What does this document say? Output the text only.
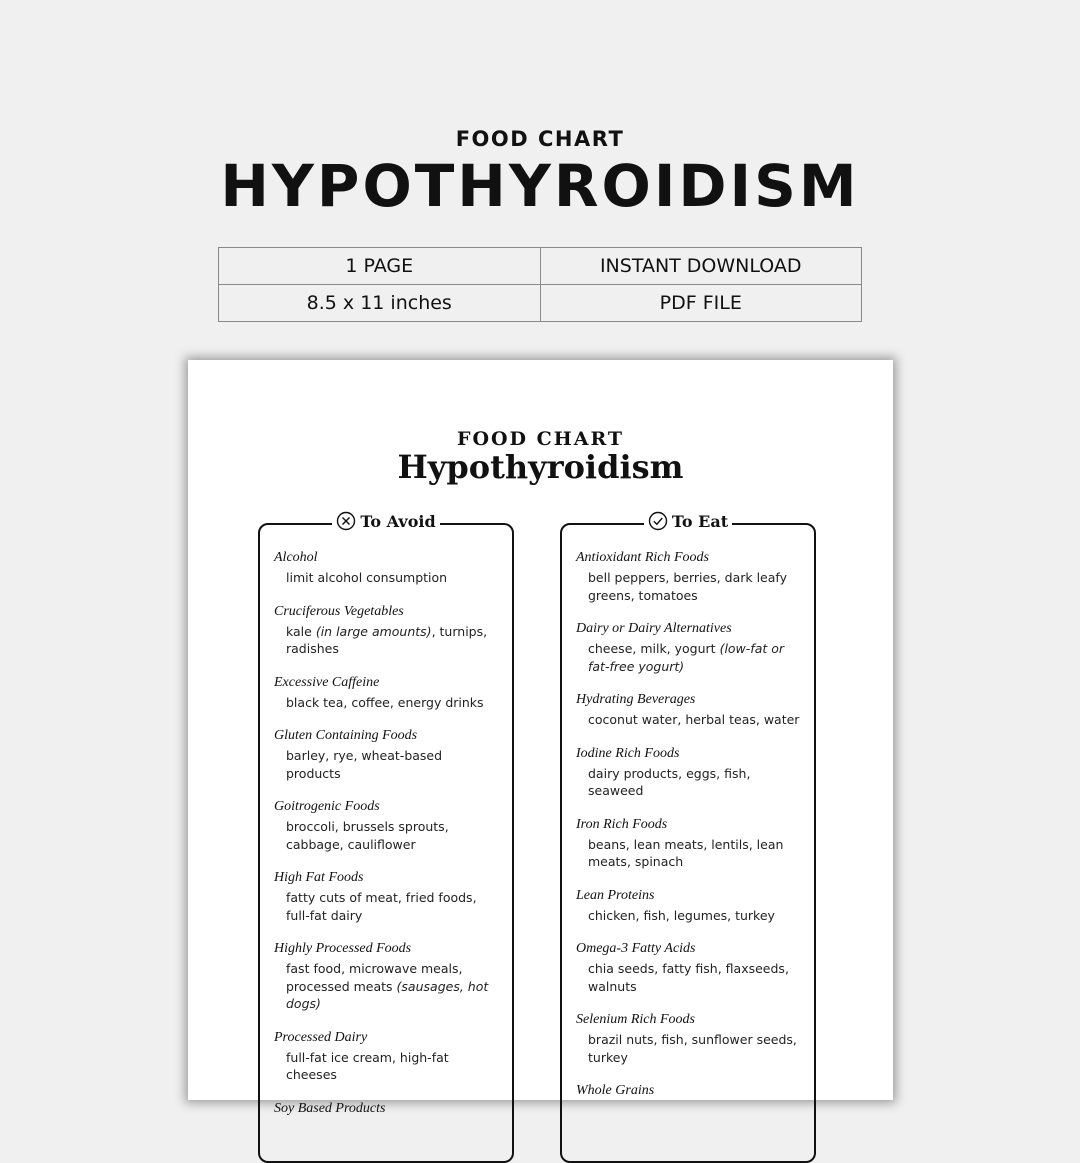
FOOD CHART
HYPOTHYROIDISM
1 PAGE	INSTANT DOWNLOAD
8.5 x 11 inches	PDF FILE
FOOD CHART
Hypothyroidism
To Avoid
Alcohol
limit alcohol consumption
Cruciferous Vegetables
kale (in large amounts), turnips, radishes
Excessive Caffeine
black tea, coffee, energy drinks
Gluten Containing Foods
barley, rye, wheat-based products
Goitrogenic Foods
broccoli, brussels sprouts, cabbage, cauliflower
High Fat Foods
fatty cuts of meat, fried foods, full-fat dairy
Highly Processed Foods
fast food, microwave meals, processed meats (sausages, hot dogs)
Processed Dairy
full-fat ice cream, high-fat cheeses
Soy Based Products
To Eat
Antioxidant Rich Foods
bell peppers, berries, dark leafy greens, tomatoes
Dairy or Dairy Alternatives
cheese, milk, yogurt (low-fat or fat-free yogurt)
Hydrating Beverages
coconut water, herbal teas, water
Iodine Rich Foods
dairy products, eggs, fish, seaweed
Iron Rich Foods
beans, lean meats, lentils, lean meats, spinach
Lean Proteins
chicken, fish, legumes, turkey
Omega-3 Fatty Acids
chia seeds, fatty fish, flaxseeds, walnuts
Selenium Rich Foods
brazil nuts, fish, sunflower seeds, turkey
Whole Grains
